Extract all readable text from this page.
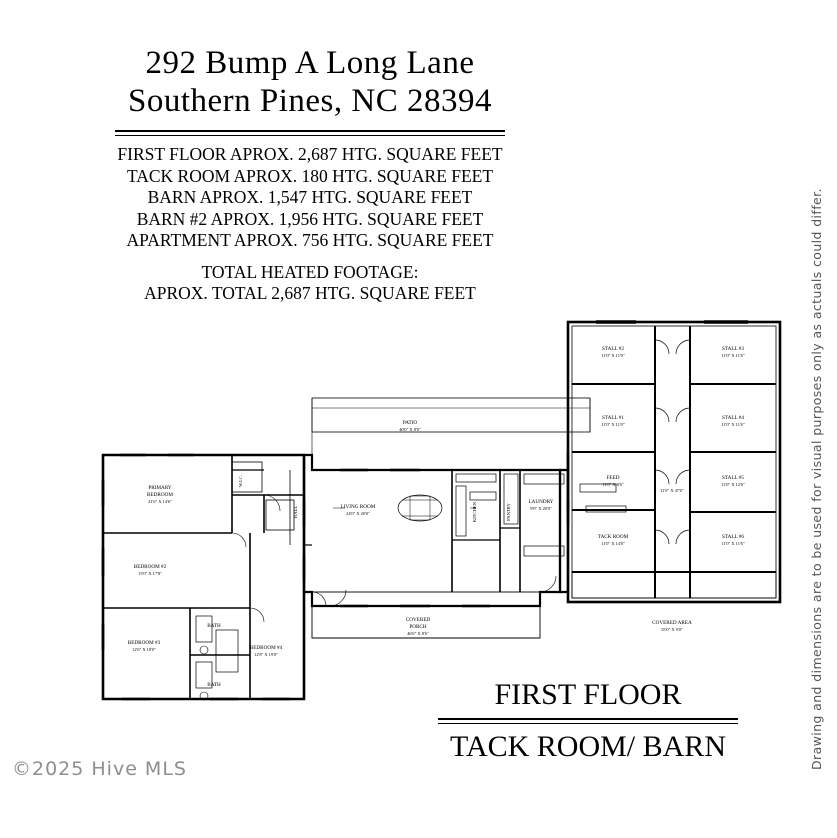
292 Bump A Long Lane
Southern Pines, NC 28394
FIRST FLOOR APROX. 2,687 HTG. SQUARE FEET
TACK ROOM APROX. 180 HTG. SQUARE FEET
BARN APROX. 1,547 HTG. SQUARE FEET
BARN #2 APROX. 1,956 HTG. SQUARE FEET
APARTMENT APROX. 756 HTG. SQUARE FEET
TOTAL HEATED FOOTAGE:
APROX. TOTAL 2,687 HTG. SQUARE FEET
PRIMARY
BEDROOM
21'6" X 14'6"
BEDROOM #2
15'0" X 17'8"
BEDROOM #3
12'6" X 18'0"	BEDROOM #4
12'8" X 19'0"
BATH
BATH
LIVING ROOM
24'0" X 20'0"	KITCHEN	PANTRY
LAUNDRY
9'0" X 20'0"
W.I.C.
HALL
PATIO
40'0" X 8'0"
COVERED
PORCH
46'6" X 8'6"
STALL #2
11'0" X 11'0"
STALL #3
11'0" X 11'6"
STALL #1
11'0" X 11'0"
STALL #4
11'0" X 11'6"
FEED
11'0" X 8'6"
STALL #5
11'0" X 12'6"
TACK ROOM
11'0" X 14'0"
STALL #6
11'0" X 11'6"
11'6" X 47'0"
COVERED AREA
35'0" X 9'0"
FIRST FLOOR
TACK ROOM/ BARN
©2025 Hive MLS	Drawing and dimensions are to be used for visual purposes only as actuals could differ.
